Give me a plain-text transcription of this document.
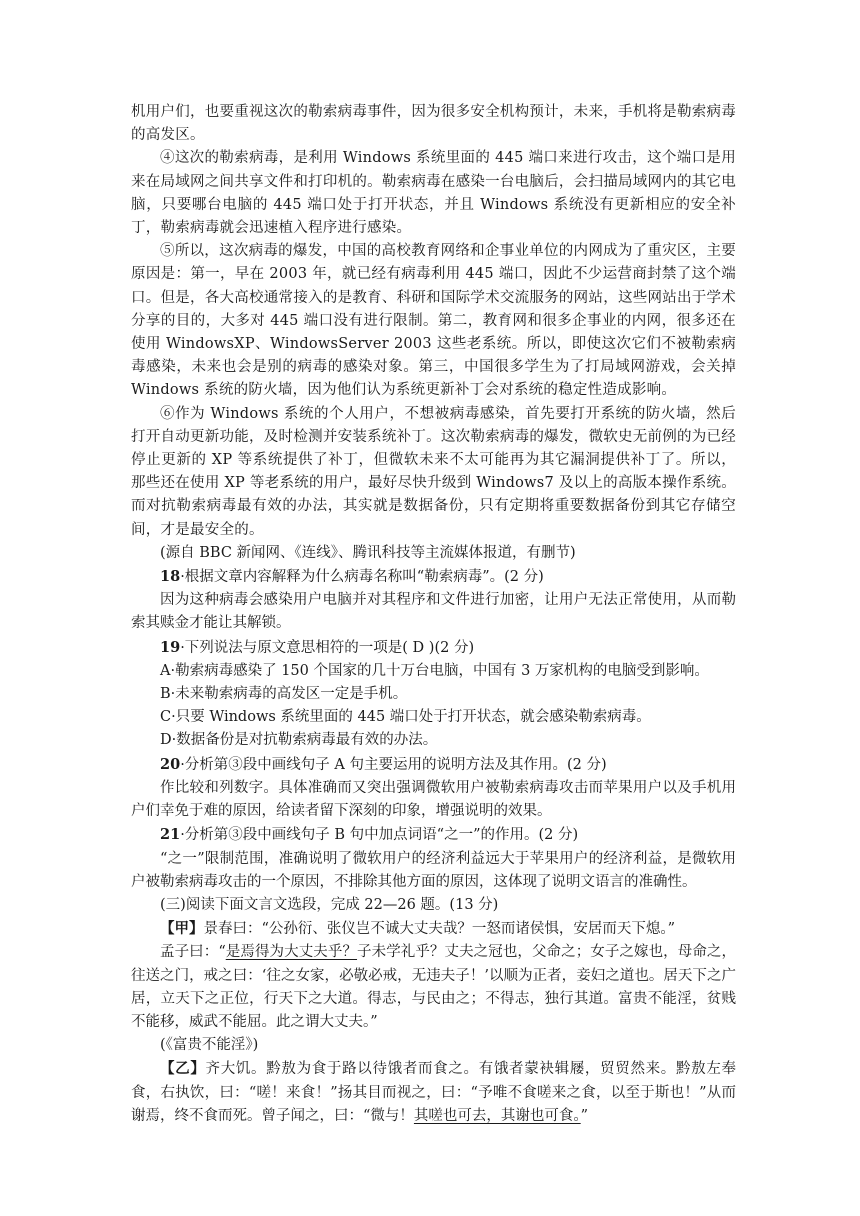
机用户们，也要重视这次的勒索病毒事件，因为很多安全机构预计，未来，手机将是勒索病毒的高发区。

④这次的勒索病毒，是利用 Windows 系统里面的 445 端口来进行攻击，这个端口是用来在局域网之间共享文件和打印机的。勒索病毒在感染一台电脑后，会扫描局域网内的其它电脑，只要哪台电脑的 445 端口处于打开状态，并且 Windows 系统没有更新相应的安全补丁，勒索病毒就会迅速植入程序进行感染。

⑤所以，这次病毒的爆发，中国的高校教育网络和企事业单位的内网成为了重灾区，主要原因是：第一，早在 2003 年，就已经有病毒利用 445 端口，因此不少运营商封禁了这个端口。但是，各大高校通常接入的是教育、科研和国际学术交流服务的网站，这些网站出于学术分享的目的，大多对 445 端口没有进行限制。第二，教育网和很多企事业的内网，很多还在使用 WindowsXP、WindowsServer 2003 这些老系统。所以，即使这次它们不被勒索病毒感染，未来也会是别的病毒的感染对象。第三，中国很多学生为了打局域网游戏，会关掉 Windows 系统的防火墙，因为他们认为系统更新补丁会对系统的稳定性造成影响。

⑥作为 Windows 系统的个人用户，不想被病毒感染，首先要打开系统的防火墙，然后打开自动更新功能，及时检测并安装系统补丁。这次勒索病毒的爆发，微软史无前例的为已经停止更新的 XP 等系统提供了补丁，但微软未来不太可能再为其它漏洞提供补丁了。所以，那些还在使用 XP 等老系统的用户，最好尽快升级到 Windows7 及以上的高版本操作系统。而对抗勒索病毒最有效的办法，其实就是数据备份，只有定期将重要数据备份到其它存储空间，才是最安全的。

(源自 BBC 新闻网、《连线》、腾讯科技等主流媒体报道，有删节)

18·根据文章内容解释为什么病毒名称叫“勒索病毒”。(2 分)

因为这种病毒会感染用户电脑并对其程序和文件进行加密，让用户无法正常使用，从而勒索其赎金才能让其解锁。

19·下列说法与原文意思相符的一项是( D )(2 分)

A·勒索病毒感染了 150 个国家的几十万台电脑，中国有 3 万家机构的电脑受到影响。

B·未来勒索病毒的高发区一定是手机。

C·只要 Windows 系统里面的 445 端口处于打开状态，就会感染勒索病毒。

D·数据备份是对抗勒索病毒最有效的办法。

20·分析第③段中画线句子 A 句主要运用的说明方法及其作用。(2 分)

作比较和列数字。具体准确而又突出强调微软用户被勒索病毒攻击而苹果用户以及手机用户们幸免于难的原因，给读者留下深刻的印象，增强说明的效果。

21·分析第③段中画线句子 B 句中加点词语“之一”的作用。(2 分)

“之一”限制范围，准确说明了微软用户的经济利益远大于苹果用户的经济利益，是微软用户被勒索病毒攻击的一个原因，不排除其他方面的原因，这体现了说明文语言的准确性。

(三)阅读下面文言文选段，完成 22—26 题。(13 分)

【甲】景春曰：“公孙衍、张仪岂不诚大丈夫哉？一怒而诸侯惧，安居而天下熄。”

孟子曰：“是焉得为大丈夫乎？子未学礼乎？丈夫之冠也，父命之；女子之嫁也，母命之，往送之门，戒之曰：‘往之女家，必敬必戒，无违夫子！’以顺为正者，妾妇之道也。居天下之广居，立天下之正位，行天下之大道。得志，与民由之；不得志，独行其道。富贵不能淫，贫贱不能移，威武不能屈。此之谓大丈夫。”

(《富贵不能淫》)

【乙】齐大饥。黔敖为食于路以待饿者而食之。有饿者蒙袂辑屦，贸贸然来。黔敖左奉食，右执饮，曰：“嗟！来食！”扬其目而视之，曰：“予唯不食嗟来之食，以至于斯也！”从而谢焉，终不食而死。曾子闻之，曰：“微与！其嗟也可去，其谢也可食。”
